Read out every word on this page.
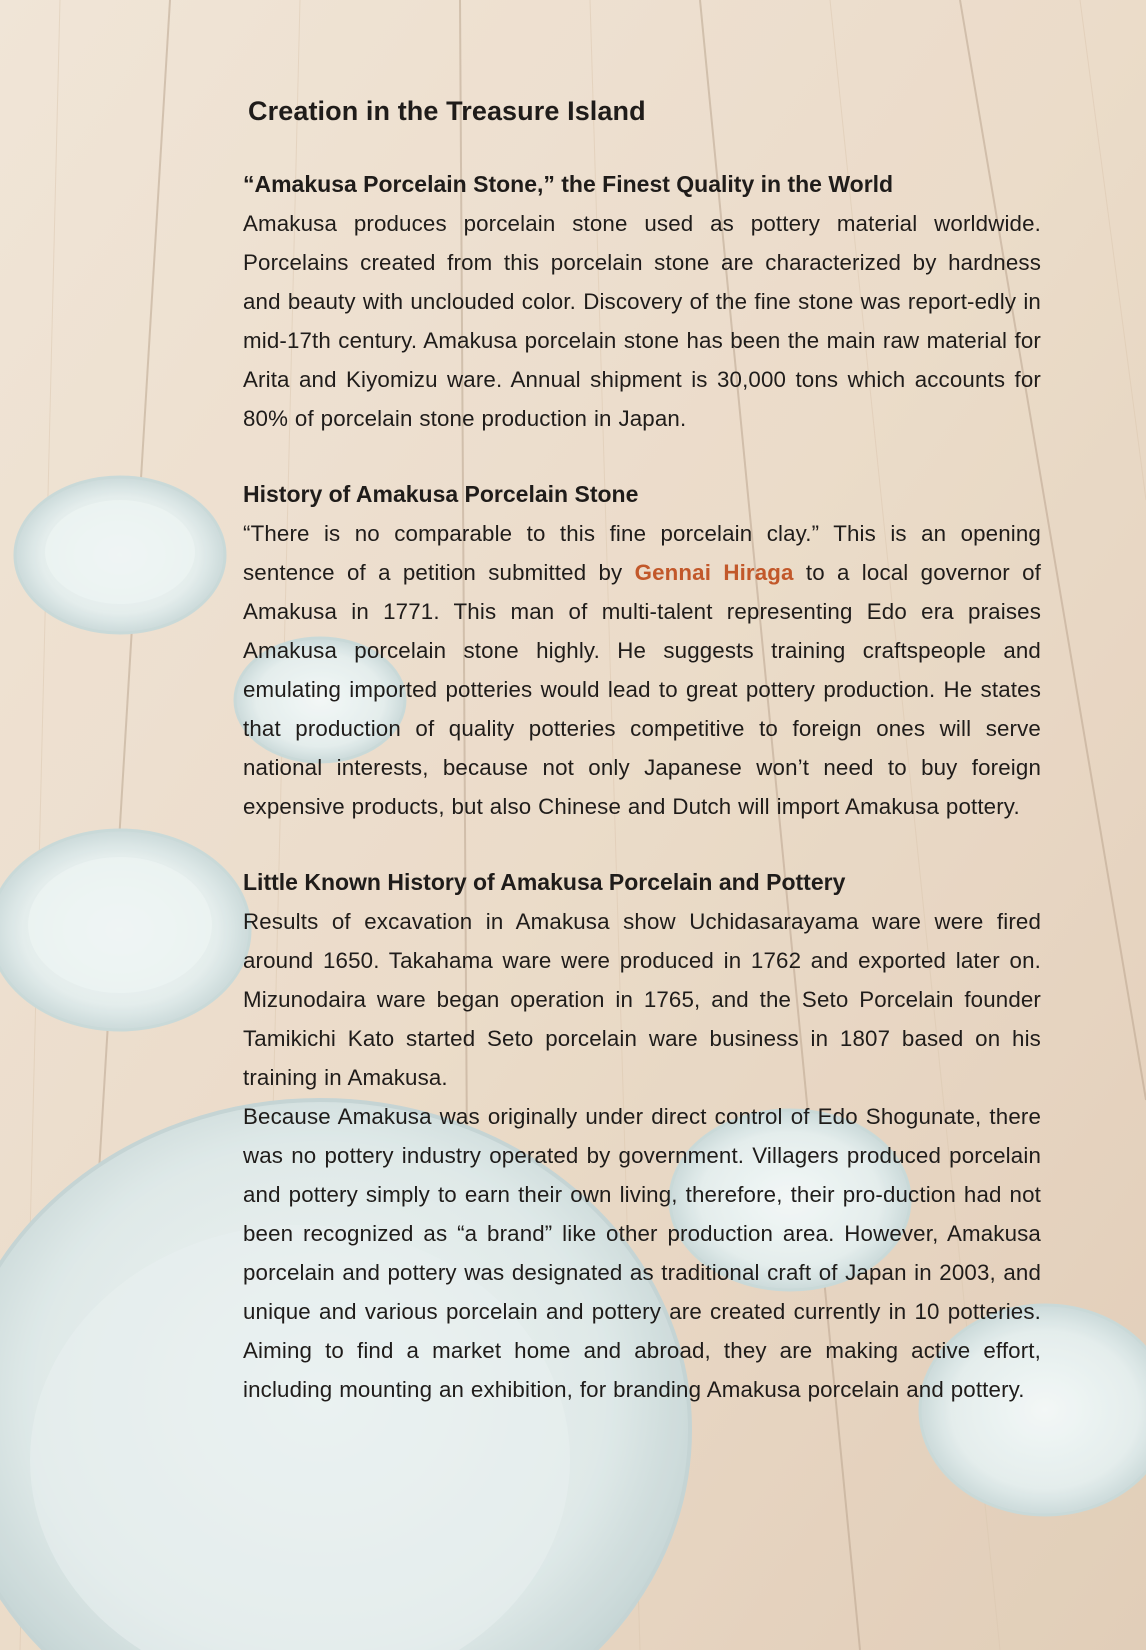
Creation in the Treasure Island
“Amakusa Porcelain Stone,” the Finest Quality in the World

Amakusa produces porcelain stone used as pottery material worldwide. Porcelains created from this porcelain stone are characterized by hardness and beauty with unclouded color. Discovery of the fine stone was report-edly in mid-17th century. Amakusa porcelain stone has been the main raw material for Arita and Kiyomizu ware. Annual shipment is 30,000 tons which accounts for 80% of porcelain stone production in Japan.

History of Amakusa Porcelain Stone

“There is no comparable to this fine porcelain clay.” This is an opening sentence of a petition submitted by Gennai Hiraga to a local governor of Amakusa in 1771. This man of multi-talent representing Edo era praises Amakusa porcelain stone highly. He suggests training craftspeople and emulating imported potteries would lead to great pottery production. He states that production of quality potteries competitive to foreign ones will serve national interests, because not only Japanese won’t need to buy foreign expensive products, but also Chinese and Dutch will import Amakusa pottery.

Little Known History of Amakusa Porcelain and Pottery

Results of excavation in Amakusa show Uchidasarayama ware were fired around 1650. Takahama ware were produced in 1762 and exported later on. Mizunodaira ware began operation in 1765, and the Seto Porcelain founder Tamikichi Kato started Seto porcelain ware business in 1807 based on his training in Amakusa.

Because Amakusa was originally under direct control of Edo Shogunate, there was no pottery industry operated by government. Villagers produced porcelain and pottery simply to earn their own living, therefore, their pro-duction had not been recognized as “a brand” like other production area. However, Amakusa porcelain and pottery was designated as traditional craft of Japan in 2003, and unique and various porcelain and pottery are created currently in 10 potteries. Aiming to find a market home and abroad, they are making active effort, including mounting an exhibition, for branding Amakusa porcelain and pottery.
